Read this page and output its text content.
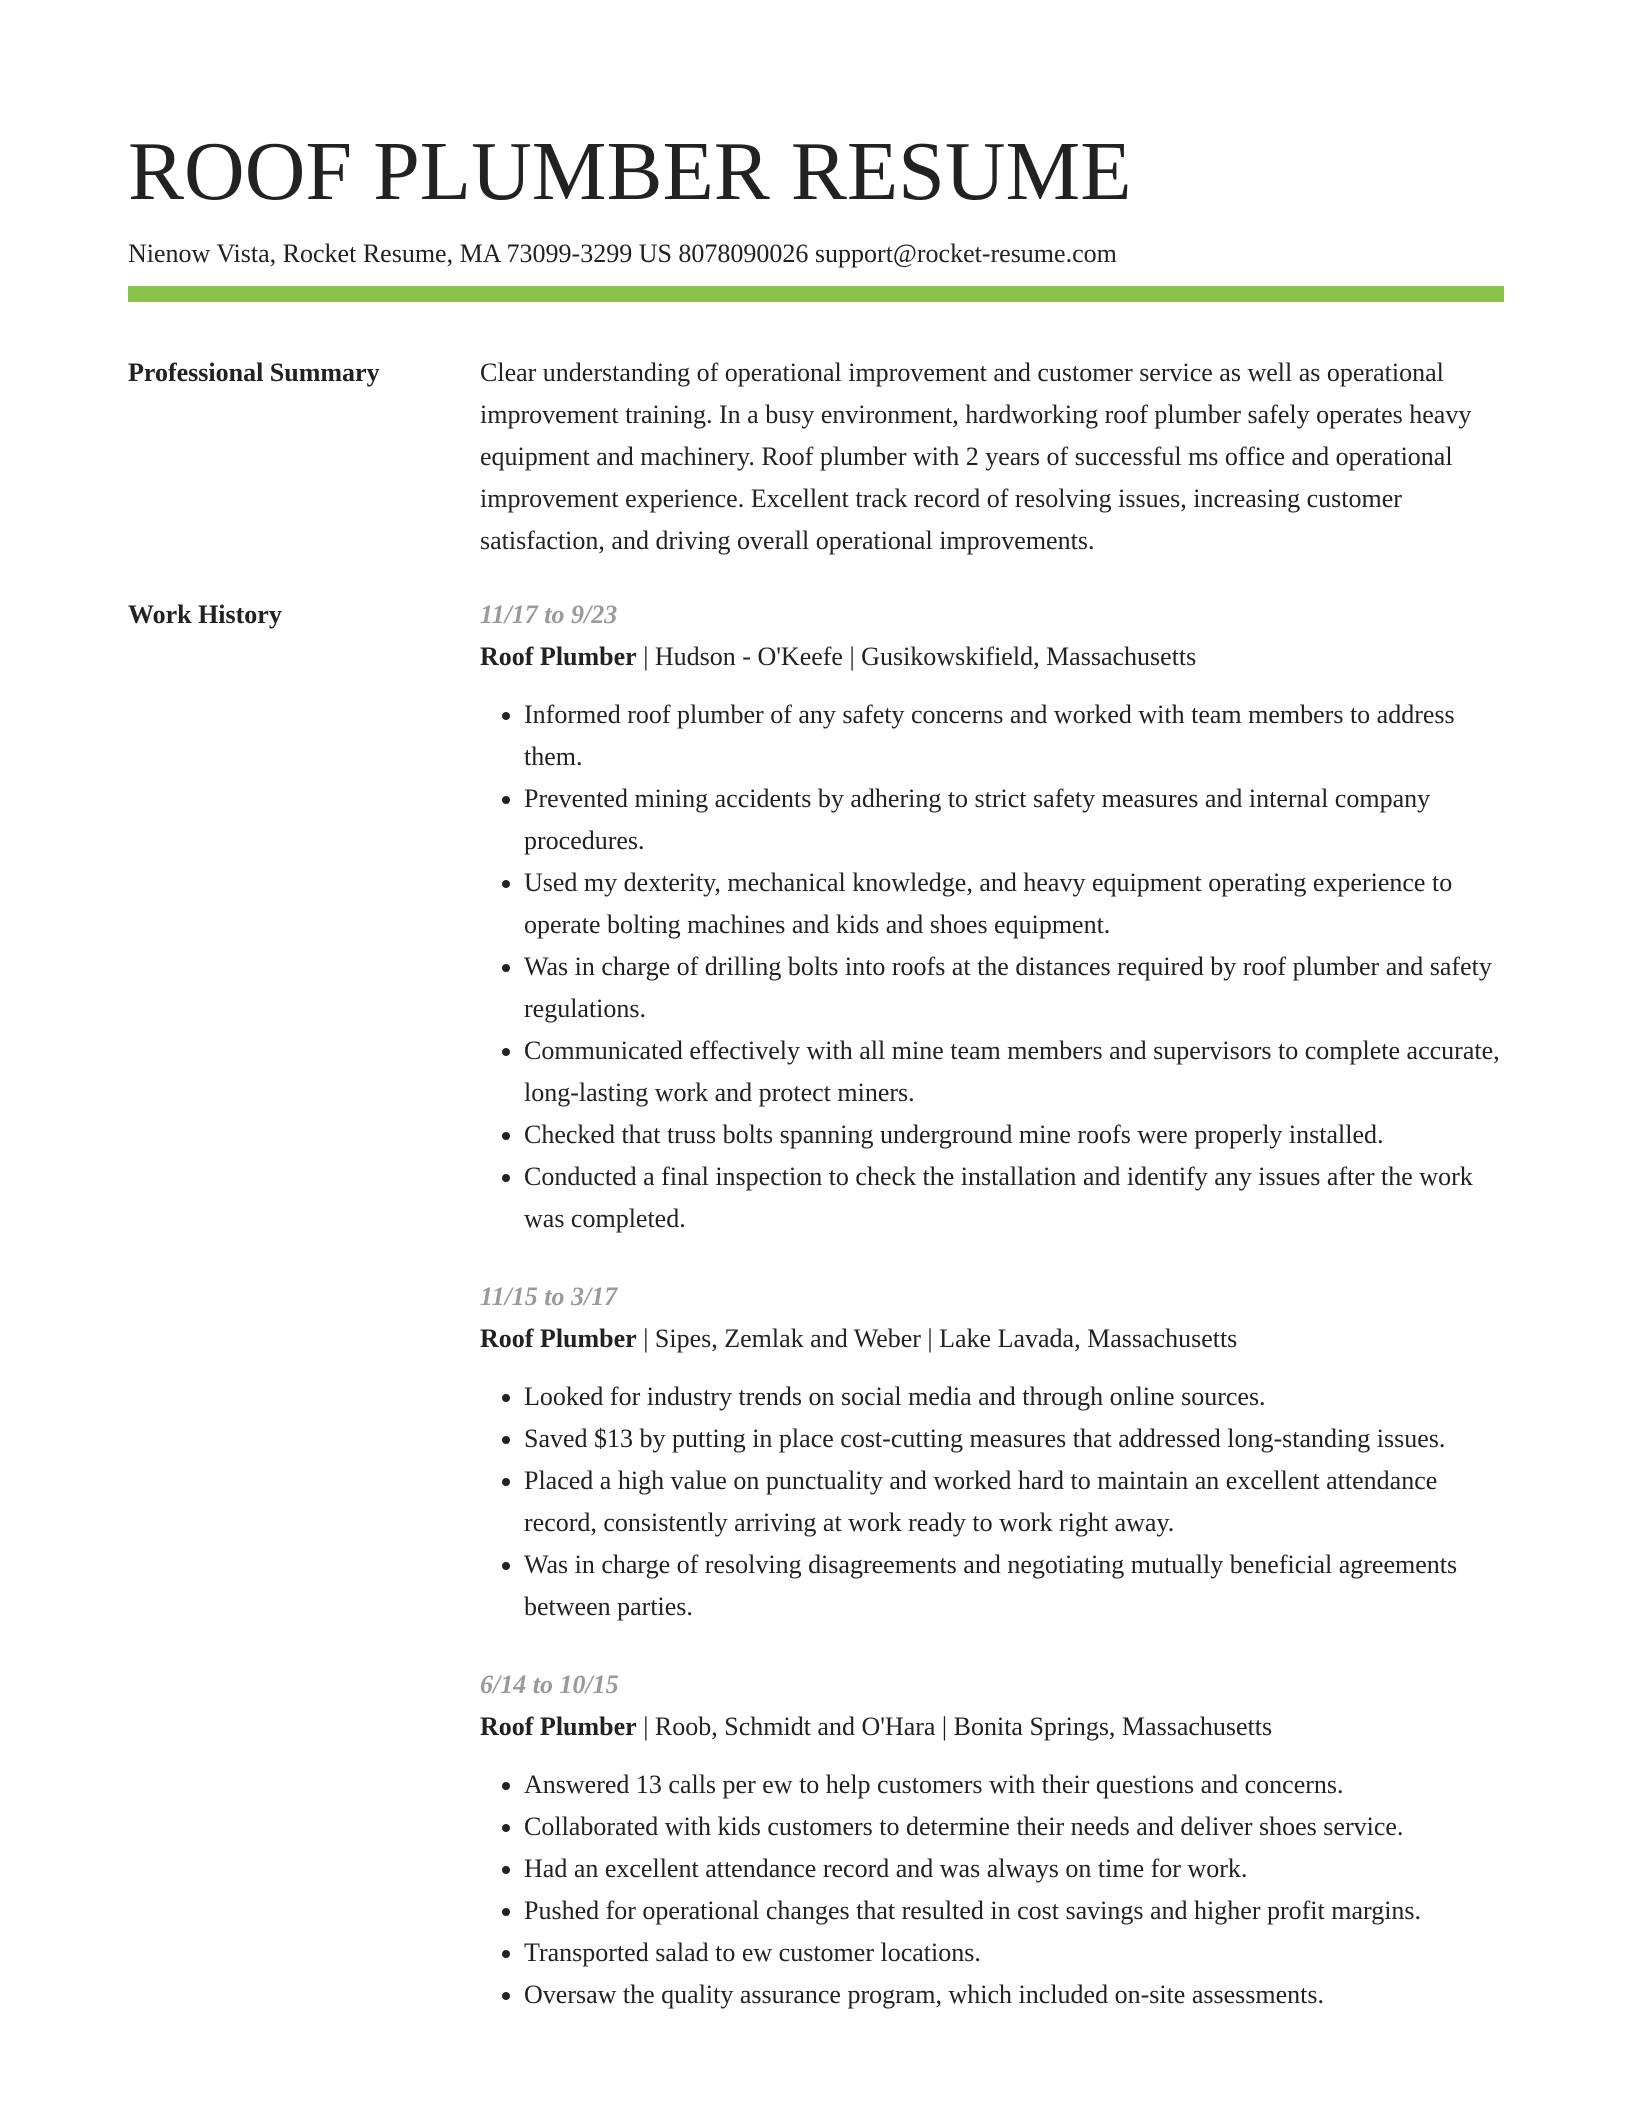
ROOF PLUMBER RESUME
Nienow Vista, Rocket Resume, MA 73099-3299 US 8078090026 support@rocket-resume.com
Professional Summary	Clear understanding of operational improvement and customer service as well as operational improvement training. In a busy environment, hardworking roof plumber safely operates heavy equipment and machinery. Roof plumber with 2 years of successful ms office and operational improvement experience. Excellent track record of resolving issues, increasing customer satisfaction, and driving overall operational improvements.

Work History	11/17 to 9/23
Roof Plumber | Hudson - O'Keefe | Gusikowskifield, Massachusetts
• Informed roof plumber of any safety concerns and worked with team members to address them.
• Prevented mining accidents by adhering to strict safety measures and internal company procedures.
• Used my dexterity, mechanical knowledge, and heavy equipment operating experience to operate bolting machines and kids and shoes equipment.
• Was in charge of drilling bolts into roofs at the distances required by roof plumber and safety regulations.
• Communicated effectively with all mine team members and supervisors to complete accurate, long-lasting work and protect miners.
• Checked that truss bolts spanning underground mine roofs were properly installed.
• Conducted a final inspection to check the installation and identify any issues after the work was completed.
11/15 to 3/17
Roof Plumber | Sipes, Zemlak and Weber | Lake Lavada, Massachusetts
• Looked for industry trends on social media and through online sources.
• Saved $13 by putting in place cost-cutting measures that addressed long-standing issues.
• Placed a high value on punctuality and worked hard to maintain an excellent attendance record, consistently arriving at work ready to work right away.
• Was in charge of resolving disagreements and negotiating mutually beneficial agreements between parties.
6/14 to 10/15
Roof Plumber | Roob, Schmidt and O'Hara | Bonita Springs, Massachusetts
• Answered 13 calls per ew to help customers with their questions and concerns.
• Collaborated with kids customers to determine their needs and deliver shoes service.
• Had an excellent attendance record and was always on time for work.
• Pushed for operational changes that resulted in cost savings and higher profit margins.
• Transported salad to ew customer locations.
• Oversaw the quality assurance program, which included on-site assessments.
